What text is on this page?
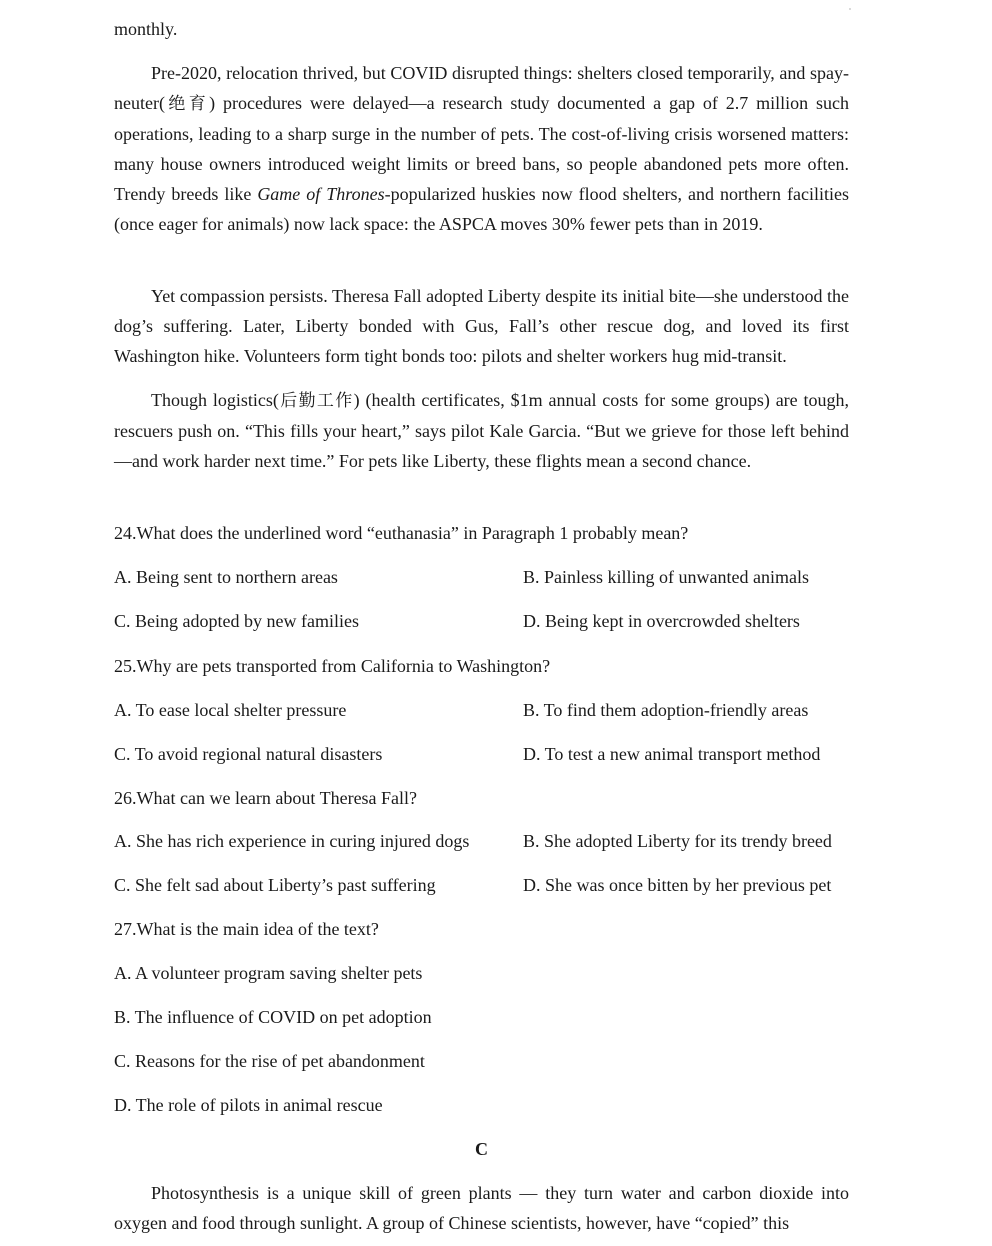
monthly.

Pre-2020, relocation thrived, but COVID disrupted things: shelters closed temporarily, and spay-neuter(绝育) procedures were delayed—a research study documented a gap of 2.7 million such operations, leading to a sharp surge in the number of pets. The cost-of-living crisis worsened matters: many house owners introduced weight limits or breed bans, so people abandoned pets more often. Trendy breeds like Game of Thrones-popularized huskies now flood shelters, and northern facilities (once eager for animals) now lack space: the ASPCA moves 30% fewer pets than in 2019.

Yet compassion persists. Theresa Fall adopted Liberty despite its initial bite—she understood the dog’s suffering. Later, Liberty bonded with Gus, Fall’s other rescue dog, and loved its first Washington hike. Volunteers form tight bonds too: pilots and shelter workers hug mid-transit.

Though logistics(后勤工作) (health certificates, $1m annual costs for some groups) are tough, rescuers push on. “This fills your heart,” says pilot Kale Garcia. “But we grieve for those left behind—and work harder next time.” For pets like Liberty, these flights mean a second chance.

24.What does the underlined word “euthanasia” in Paragraph 1 probably mean?
A. Being sent to northern areas	B. Painless killing of unwanted animals
C. Being adopted by new families	D. Being kept in overcrowded shelters
25.Why are pets transported from California to Washington?
A. To ease local shelter pressure	B. To find them adoption-friendly areas
C. To avoid regional natural disasters	D. To test a new animal transport method
26.What can we learn about Theresa Fall?
A. She has rich experience in curing injured dogs	B. She adopted Liberty for its trendy breed
C. She felt sad about Liberty’s past suffering	D. She was once bitten by her previous pet
27.What is the main idea of the text?
A. A volunteer program saving shelter pets
B. The influence of COVID on pet adoption
C. Reasons for the rise of pet abandonment
D. The role of pilots in animal rescue
C

Photosynthesis is a unique skill of green plants — they turn water and carbon dioxide into oxygen and food through sunlight. A group of Chinese scientists, however, have “copied” this
